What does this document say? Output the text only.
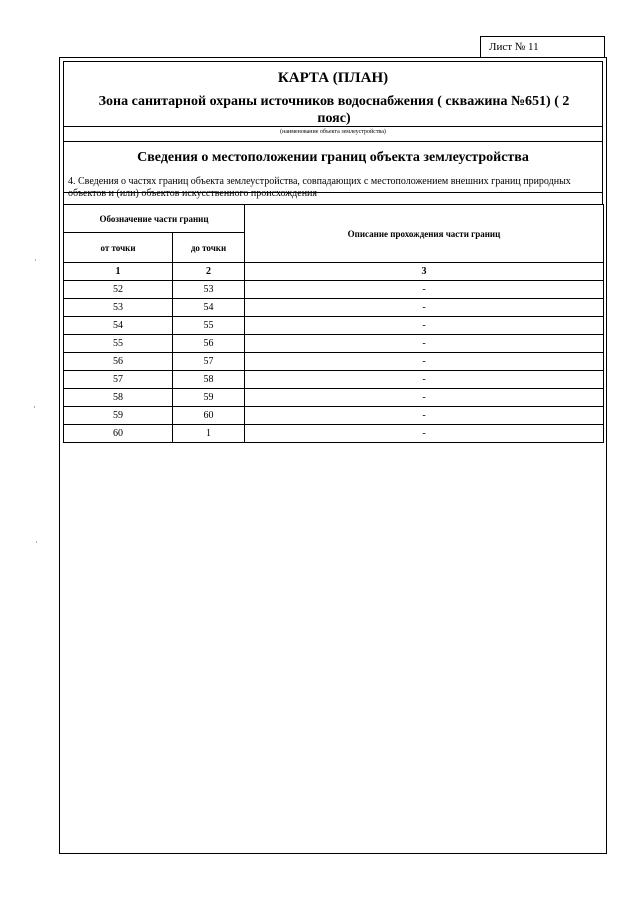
Лист № 11
КАРТА (ПЛАН)
Зона санитарной охраны источников водоснабжения ( скважина №651) ( 2 пояс)
(наименование объекта землеустройства)
Сведения о местоположении границ объекта землеустройства
4. Сведения о частях границ объекта землеустройства, совпадающих с местоположением внешних границ природных объектов и (или) объектов искусственного происхождения
Обозначение части границ		Описание прохождения части границ
от точки	до точки	
1	2	3
52	53	-
53	54	-
54	55	-
55	56	-
56	57	-
57	58	-
58	59	-
59	60	-
60	1	-
˙
·
˙
